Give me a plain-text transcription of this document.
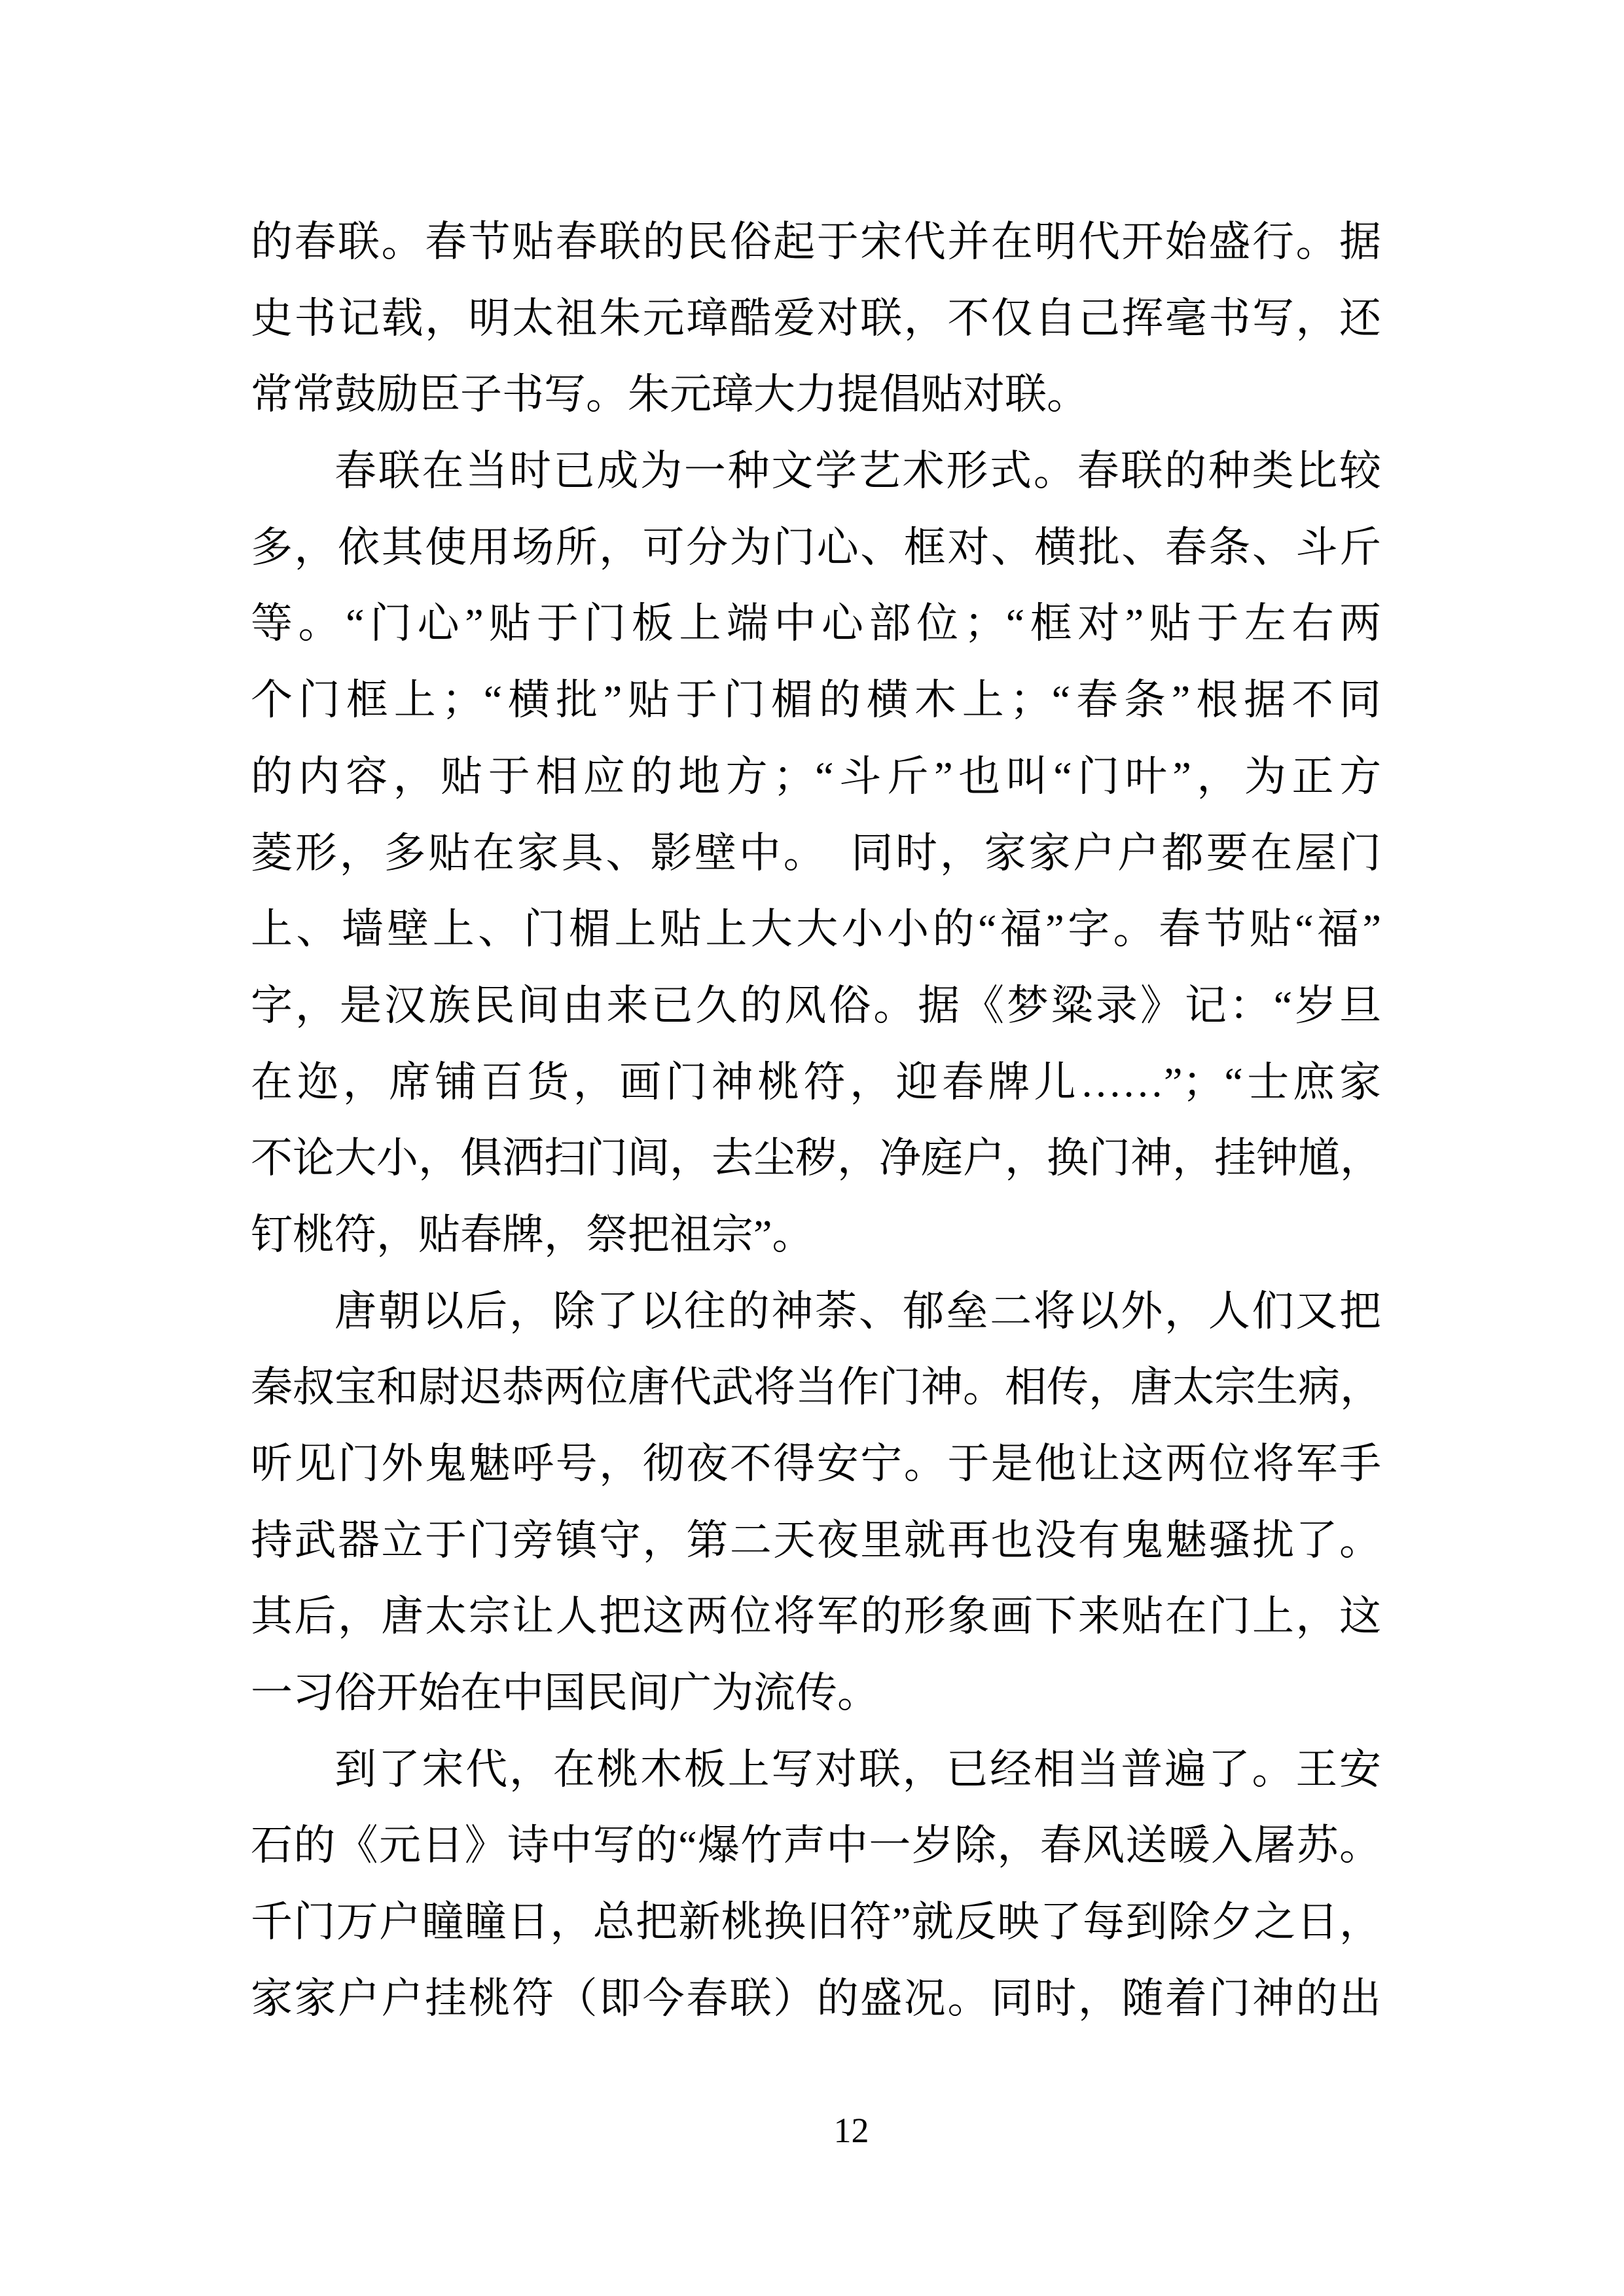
的春联。春节贴春联的民俗起于宋代并在明代开始盛行。据
史书记载，明太祖朱元璋酷爱对联，不仅自己挥毫书写，还
常常鼓励臣子书写。朱元璋大力提倡贴对联。
春联在当时已成为一种文学艺术形式。春联的种类比较
多，依其使用场所，可分为门心、框对、横批、春条、斗斤
等。“门心”贴于门板上端中心部位；“框对”贴于左右两
个门框上；“横批”贴于门楣的横木上；“春条”根据不同
的内容，贴于相应的地方；“斗斤”也叫“门叶”，为正方
菱形，多贴在家具、影壁中。　同时，家家户户都要在屋门
上、墙壁上、门楣上贴上大大小小的“福”字。春节贴“福”
字，是汉族民间由来已久的风俗。据《梦粱录》记：“岁旦
在迩，席铺百货，画门神桃符，迎春牌儿……”；“士庶家
不论大小，俱洒扫门闾，去尘秽，净庭户，换门神，挂钟馗，
钉桃符，贴春牌，祭把祖宗”。
唐朝以后，除了以往的神荼、郁垒二将以外，人们又把
秦叔宝和尉迟恭两位唐代武将当作门神。相传，唐太宗生病，
听见门外鬼魅呼号，彻夜不得安宁。于是他让这两位将军手
持武器立于门旁镇守，第二天夜里就再也没有鬼魅骚扰了。
其后，唐太宗让人把这两位将军的形象画下来贴在门上，这
一习俗开始在中国民间广为流传。
到了宋代，在桃木板上写对联，已经相当普遍了。王安
石的《元日》诗中写的“爆竹声中一岁除，春风送暖入屠苏。
千门万户瞳瞳日，总把新桃换旧符”就反映了每到除夕之日，
家家户户挂桃符（即今春联）的盛况。同时，随着门神的出
12
